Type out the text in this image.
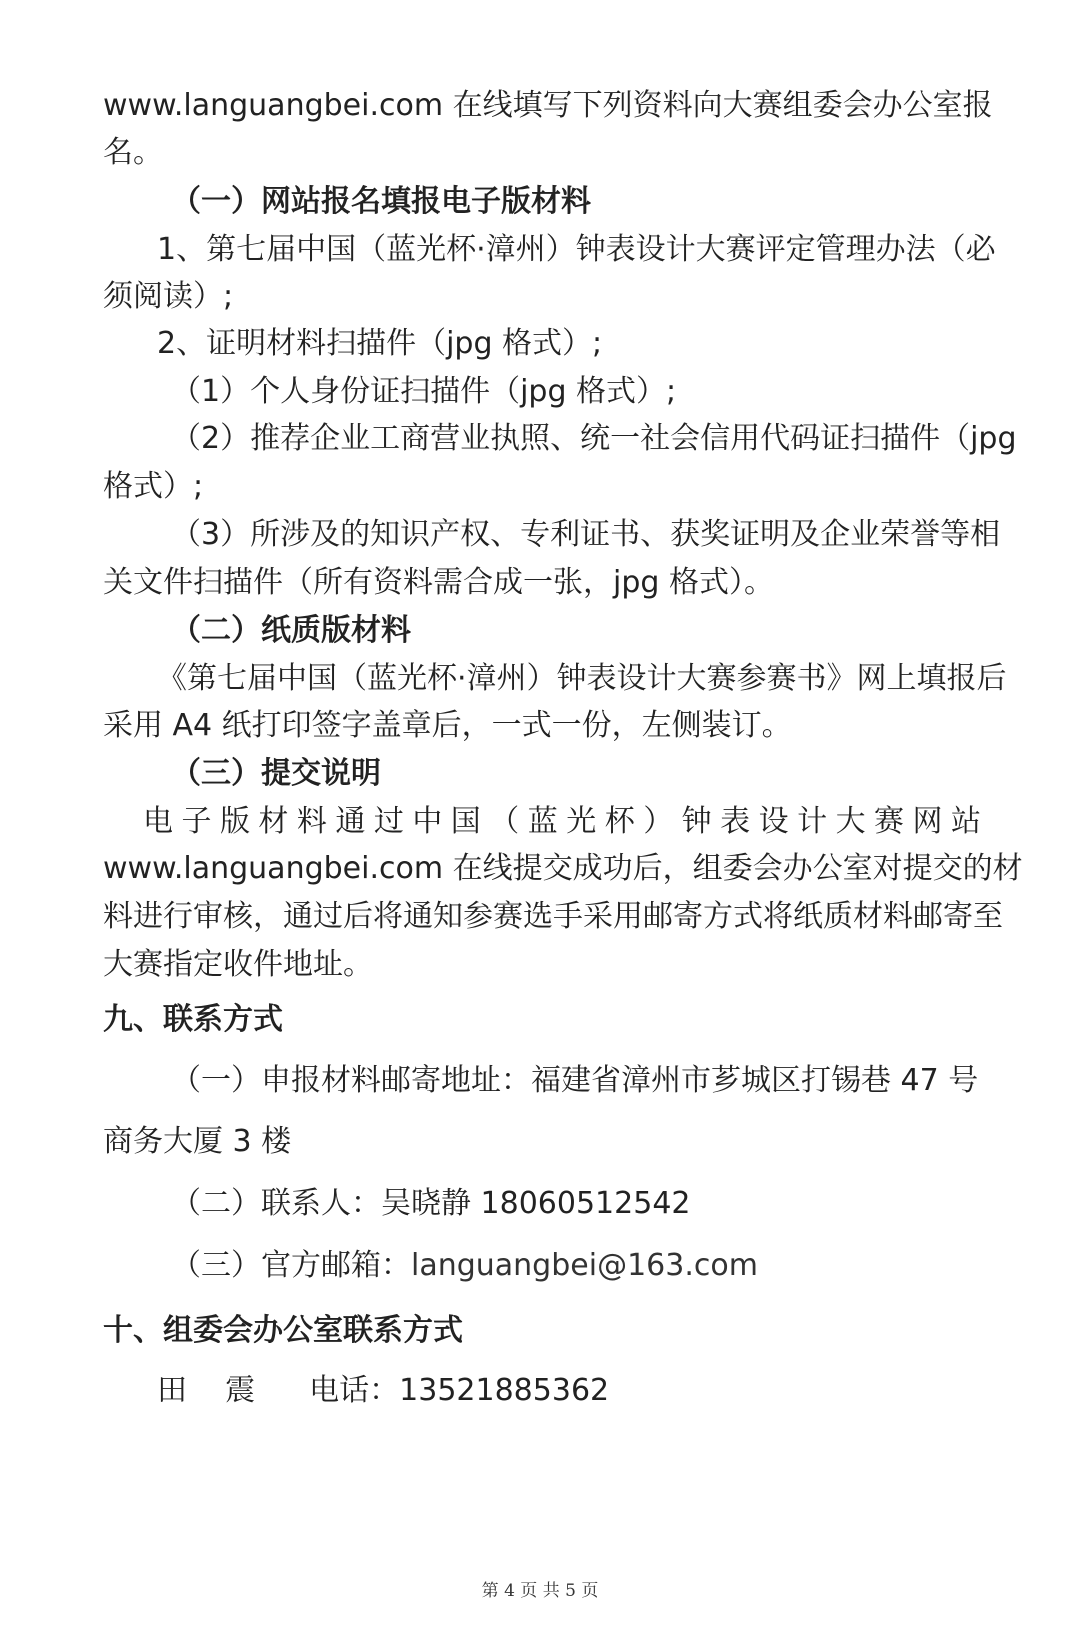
www.languangbei.com 在线填写下列资料向大赛组委会办公室报
名。
（一）网站报名填报电子版材料
1、第七届中国（蓝光杯·漳州）钟表设计大赛评定管理办法（必
须阅读）;
2、证明材料扫描件（jpg 格式）;
（1）个人身份证扫描件（jpg 格式）;
（2）推荐企业工商营业执照、统一社会信用代码证扫描件（jpg
格式）;
（3）所涉及的知识产权、专利证书、获奖证明及企业荣誉等相
关文件扫描件（所有资料需合成一张，jpg 格式）。
（二）纸质版材料
《第七届中国（蓝光杯·漳州）钟表设计大赛参赛书》网上填报后
采用 A4 纸打印签字盖章后，一式一份，左侧装订。
（三）提交说明
电子版材料通过中国（蓝光杯）钟表设计大赛网站
www.languangbei.com 在线提交成功后，组委会办公室对提交的材
料进行审核，通过后将通知参赛选手采用邮寄方式将纸质材料邮寄至
大赛指定收件地址。
九、联系方式
（一）申报材料邮寄地址：福建省漳州市芗城区打锡巷 47 号
商务大厦 3 楼
（二）联系人：吴晓静 18060512542
（三）官方邮箱：languangbei@163.com
十、组委会办公室联系方式
田    震 电话：13521885362
第 4 页 共 5 页
